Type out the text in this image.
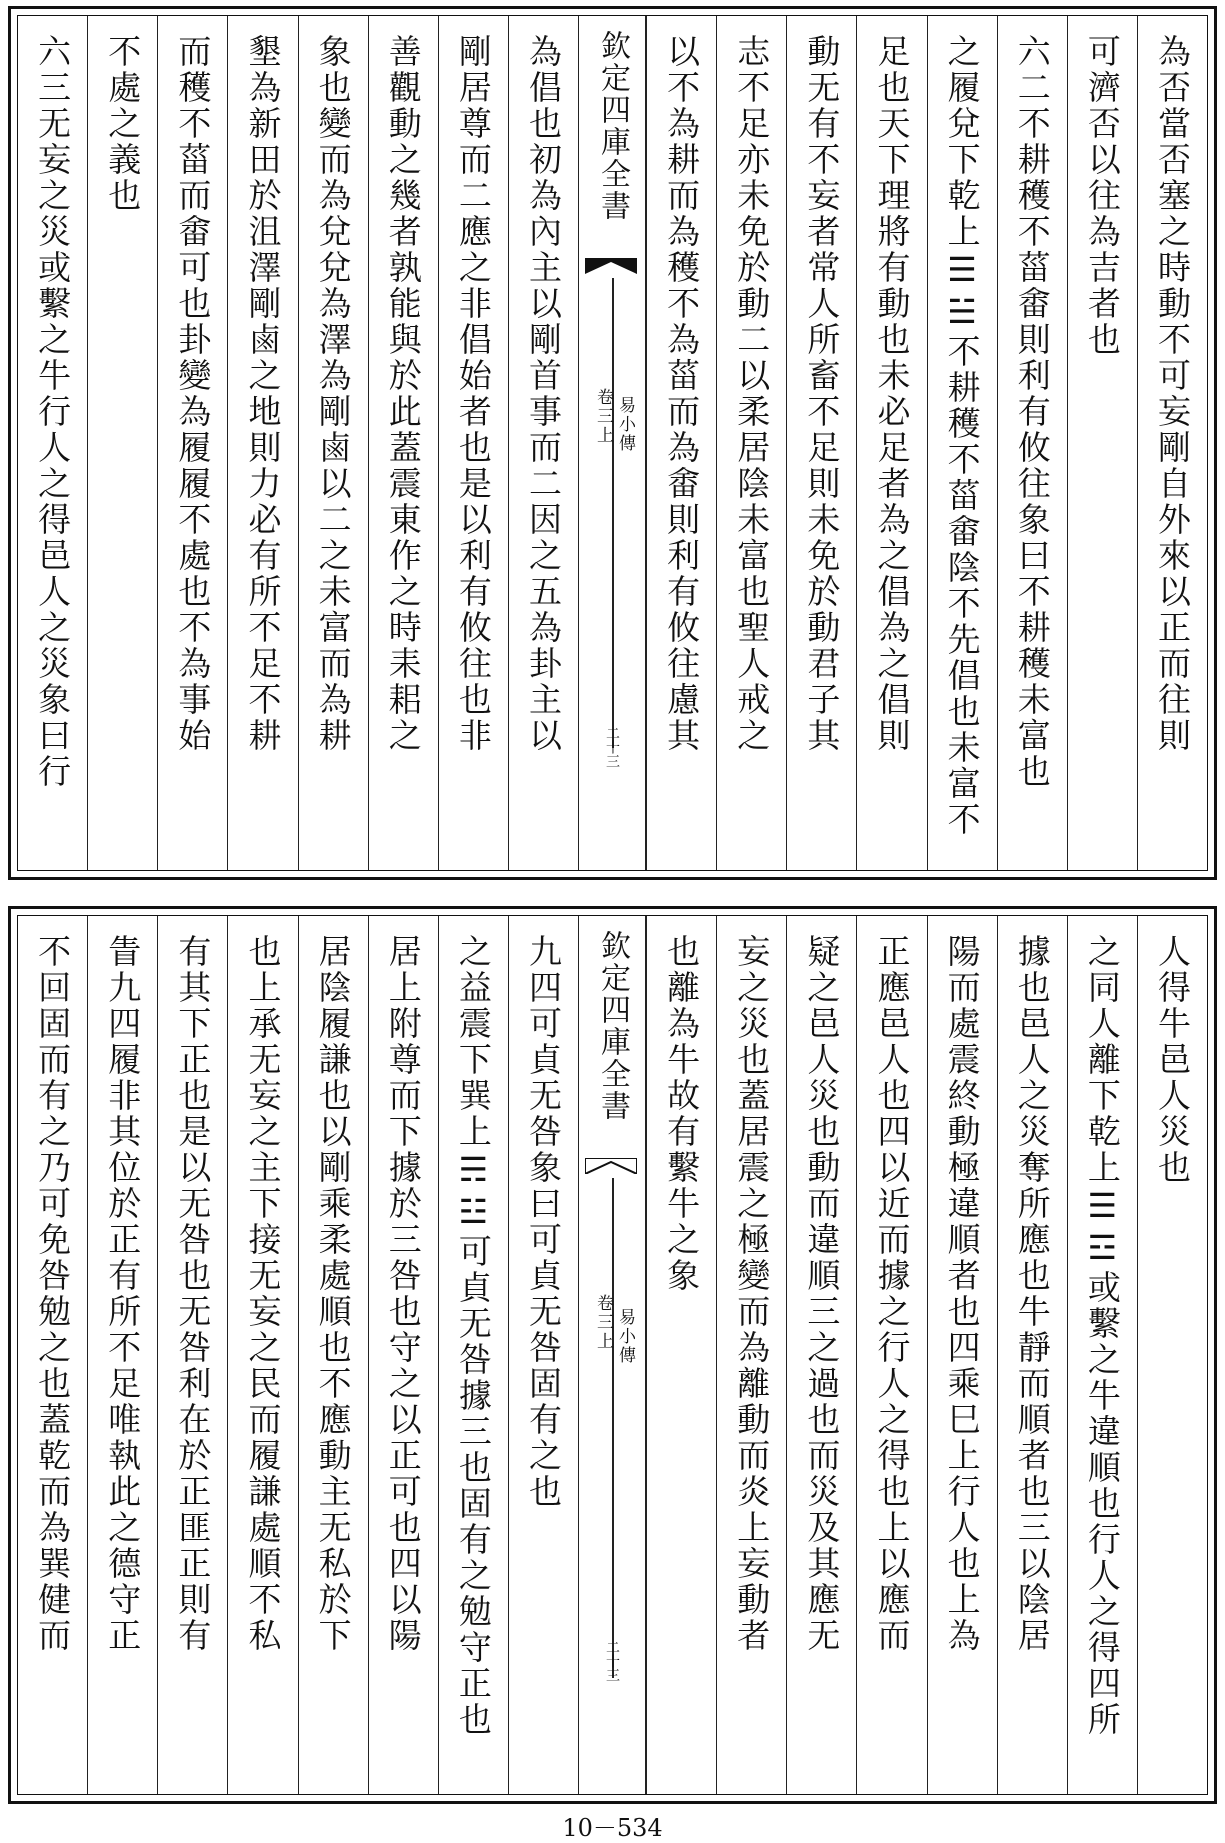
為否當否塞之時動不可妄剛自外來以正而往則
可濟否以往為吉者也
六二不耕穫不菑畬則利有攸往象曰不耕穫未富也
之履兌下乾上☰☱不耕穫不菑畬陰不先倡也未富不
足也天下理將有動也未必足者為之倡為之倡則
動无有不妄者常人所畜不足則未免於動君子其
志不足亦未免於動二以柔居陰未富也聖人戒之
以不為耕而為穫不為菑而為畬則利有攸往慮其
欽定四庫全書
易小傳
卷三上
二十三
為倡也初為內主以剛首事而二因之五為卦主以
剛居尊而二應之非倡始者也是以利有攸往也非
善觀動之幾者孰能與於此蓋震東作之時耒耜之
象也變而為兌兌為澤為剛鹵以二之未富而為耕
墾為新田於沮澤剛鹵之地則力必有所不足不耕
而穫不菑而畬可也卦變為履履不處也不為事始
不處之義也
六三无妄之災或繫之牛行人之得邑人之災象曰行
人得牛邑人災也
之同人離下乾上☰☲或繫之牛違順也行人之得四所
據也邑人之災奪所應也牛靜而順者也三以陰居
陽而處震終動極違順者也四乘巳上行人也上為
正應邑人也四以近而據之行人之得也上以應而
疑之邑人災也動而違順三之過也而災及其應无
妄之災也蓋居震之極變而為離動而炎上妄動者
也離為牛故有繫牛之象
欽定四庫全書
易小傳
卷三上
二十三
九四可貞无咎象曰可貞无咎固有之也
之益震下巽上☴☳可貞无咎據三也固有之勉守正也
居上附尊而下據於三咎也守之以正可也四以陽
居陰履謙也以剛乘柔處順也不應動主无私於下
也上承无妄之主下接无妄之民而履謙處順不私
有其下正也是以无咎也无咎利在於正匪正則有
眚九四履非其位於正有所不足唯執此之德守正
不回固而有之乃可免咎勉之也蓋乾而為巽健而
10－534
